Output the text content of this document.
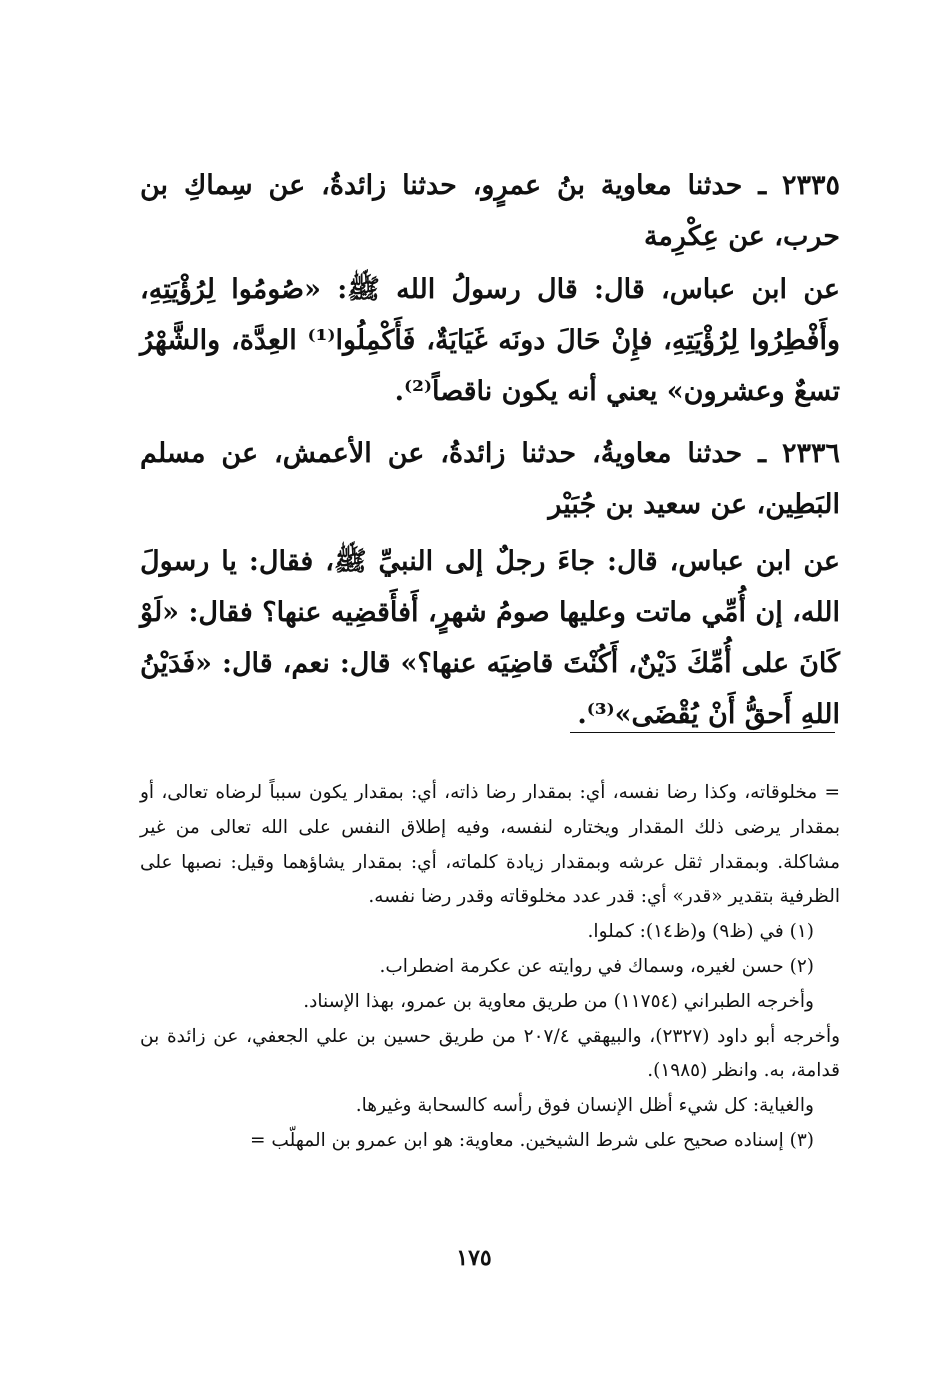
٢٣٣٥ ـ حدثنا معاوية بنُ عمرٍو، حدثنا زائدةُ، عن سِماكِ بن حرب، عن عِكْرِمة

عن ابن عباس، قال: قال رسولُ الله ﷺ: «صُومُوا لِرُؤْيَتِهِ، وأَفْطِرُوا لِرُؤْيَتِهِ، فإِنْ حَالَ دونَه غَيَايَةٌ، فَأَكْمِلُوا⁽¹⁾ العِدَّة، والشَّهْرُ تسعٌ وعشرون» يعني أنه يكون ناقصاً⁽²⁾.

٢٣٣٦ ـ حدثنا معاويةُ، حدثنا زائدةُ، عن الأعمش، عن مسلم البَطِين، عن سعيد بن جُبَيْر

عن ابن عباس، قال: جاءَ رجلٌ إلى النبيِّ ﷺ، فقال: يا رسولَ الله، إن أُمِّي ماتت وعليها صومُ شهرٍ، أَفأَقضِيه عنها؟ فقال: «لَوْ كَانَ على أُمِّكَ دَيْنٌ، أَكُنْتَ قاضِيَه عنها؟» قال: نعم، قال: «فَدَيْنُ اللهِ أَحقُّ أَنْ يُقْضَى»⁽³⁾.

= مخلوقاته، وكذا رضا نفسه، أي: بمقدار رضا ذاته، أي: بمقدار يكون سبباً لرضاه تعالى، أو بمقدار يرضى ذلك المقدار ويختاره لنفسه، وفيه إطلاق النفس على الله تعالى من غير مشاكلة. وبمقدار ثقل عرشه وبمقدار زيادة كلماته، أي: بمقدار يشاؤهما وقيل: نصبها على الظرفية بتقدير «قدر» أي: قدر عدد مخلوقاته وقدر رضا نفسه.

(١) في (ظ٩) و(ظ١٤): كملوا.

(٢) حسن لغيره، وسماك في روايته عن عكرمة اضطراب.

وأخرجه الطبراني (١١٧٥٤) من طريق معاوية بن عمرو، بهذا الإسناد.

وأخرجه أبو داود (٢٣٢٧)، والبيهقي ٢٠٧/٤ من طريق حسين بن علي الجعفي، عن زائدة بن قدامة، به. وانظر (١٩٨٥).

والغياية: كل شيء أظل الإنسان فوق رأسه كالسحابة وغيرها.

(٣) إسناده صحيح على شرط الشيخين. معاوية: هو ابن عمرو بن المهلّب =

١٧٥
